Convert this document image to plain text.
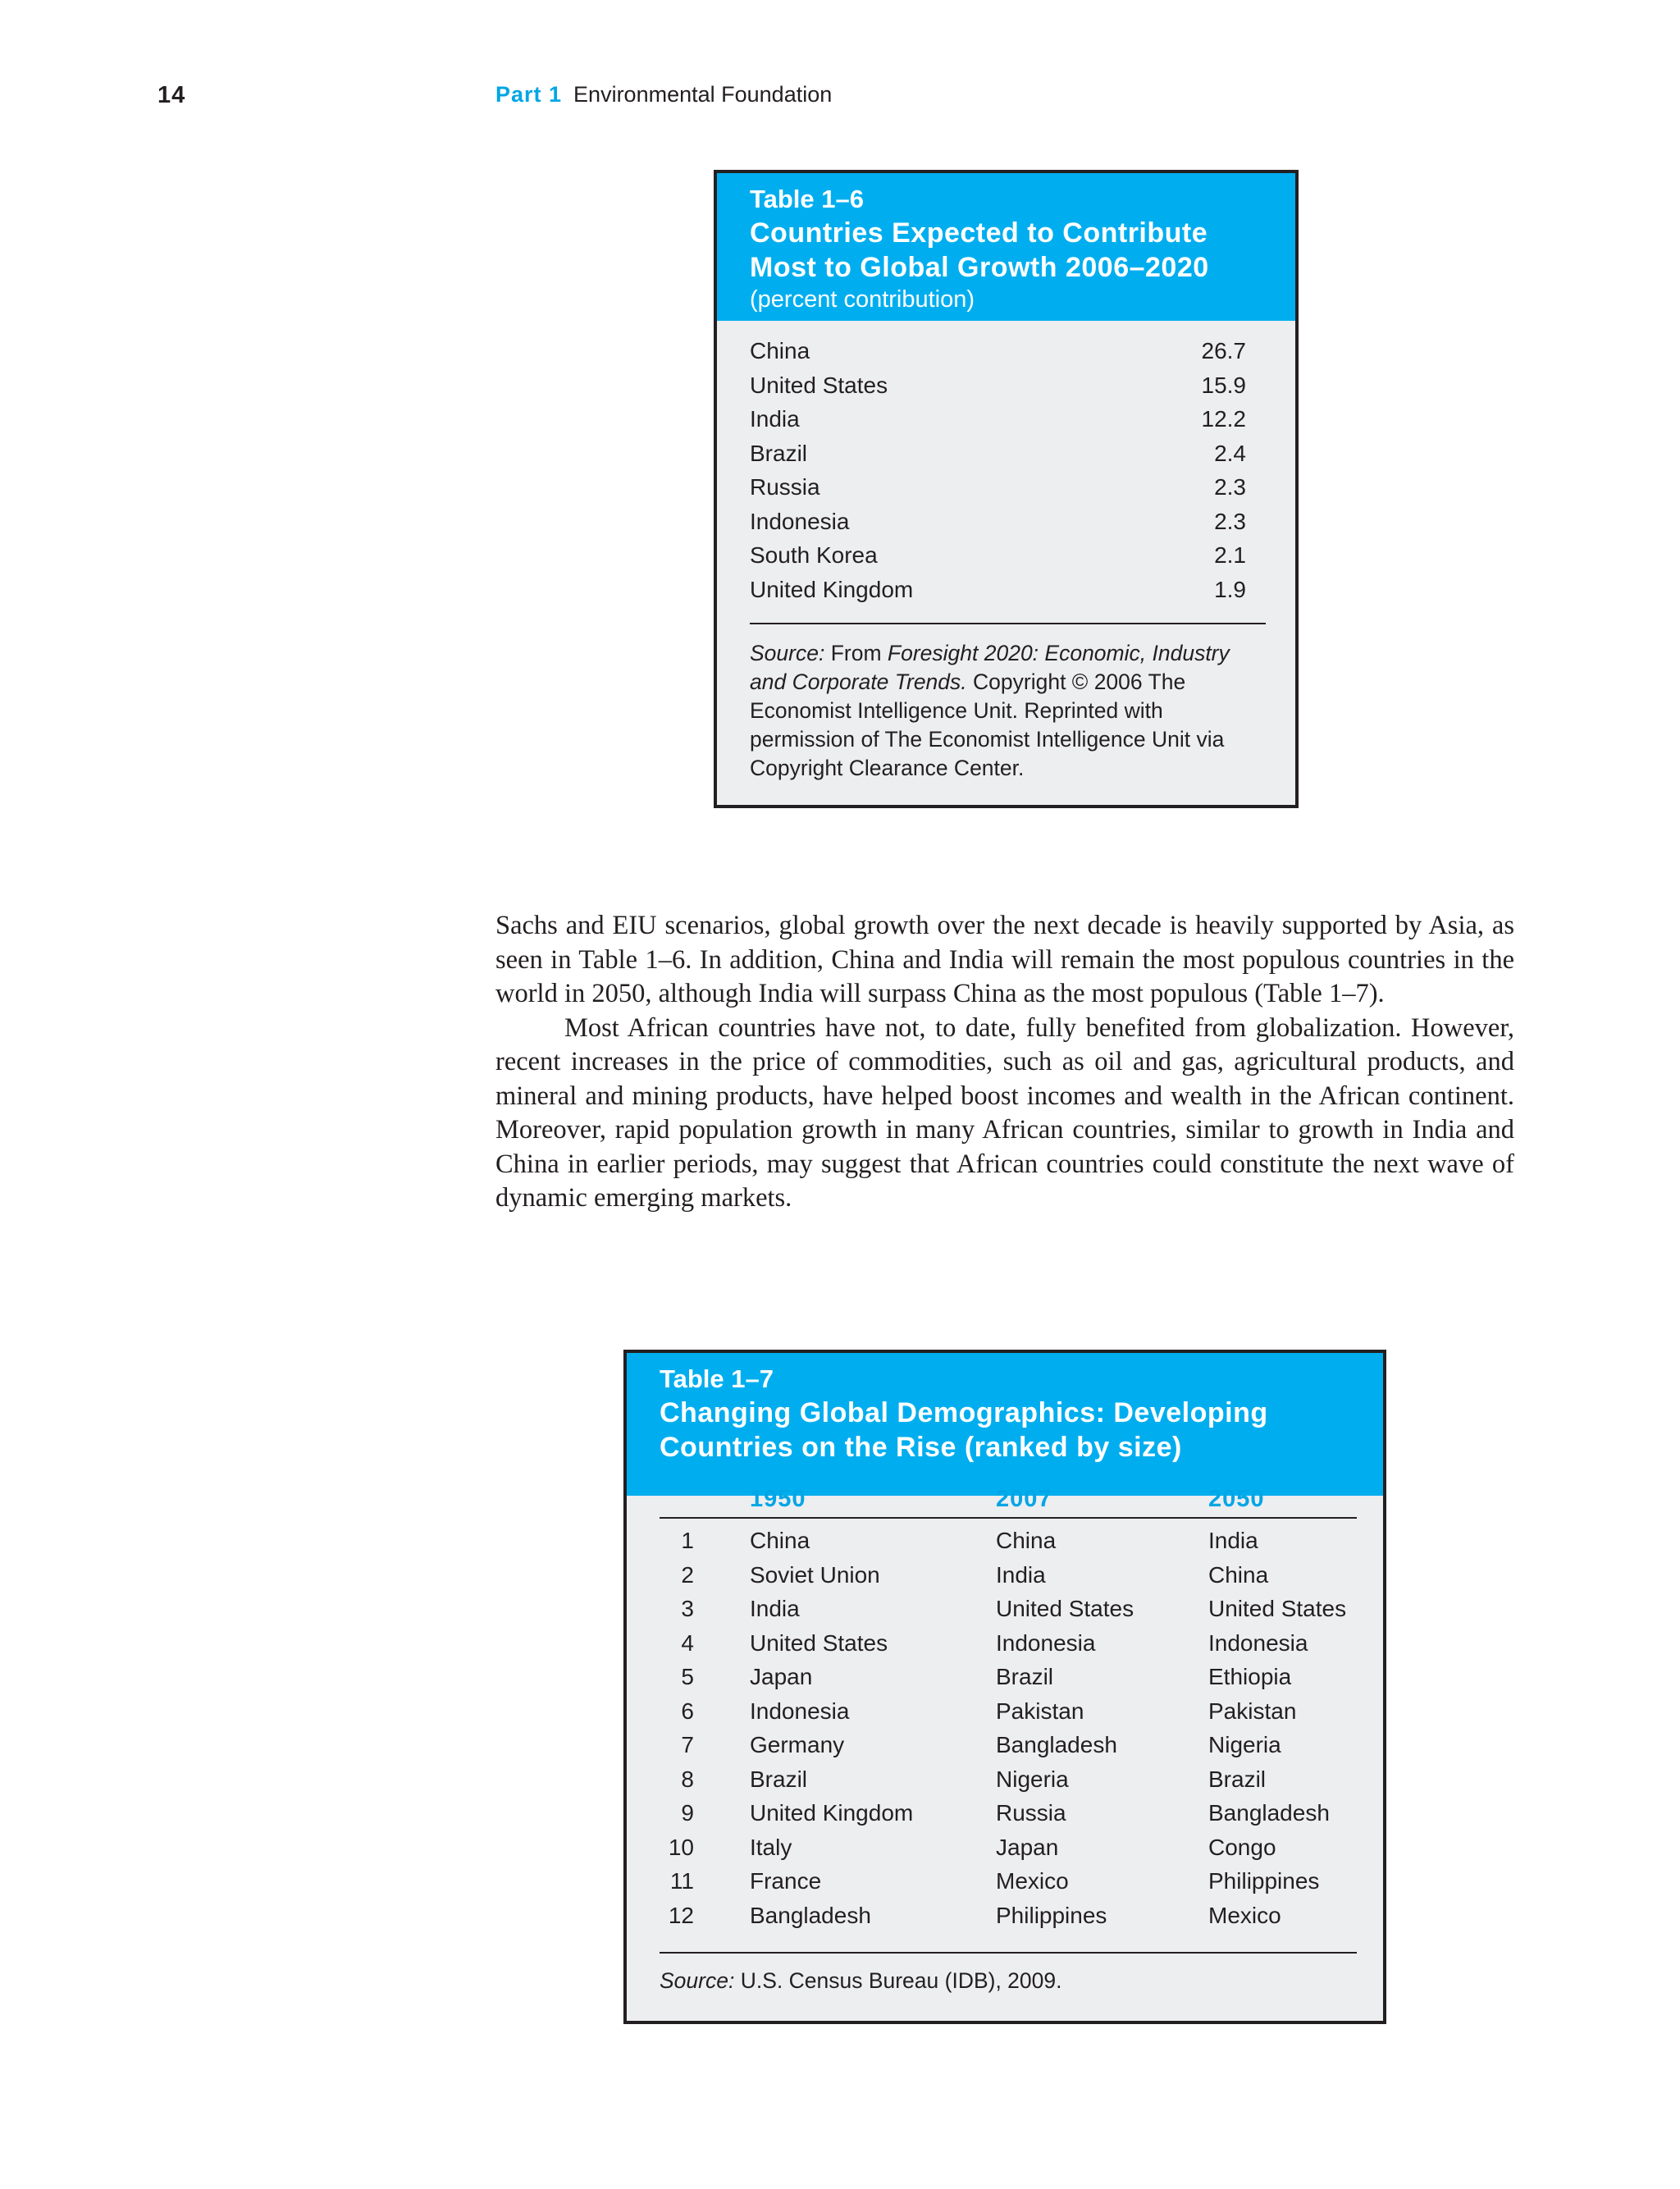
14	Part 1 Environmental Foundation
Table 1–6
Countries Expected to Contribute
Most to Global Growth 2006–2020
(percent contribution)
China	26.7
United States	15.9
India	12.2
Brazil	2.4
Russia	2.3
Indonesia	2.3
South Korea	2.1
United Kingdom	1.9
Source: From Foresight 2020: Economic, Industry and Corporate Trends. Copyright © 2006 The Economist Intelligence Unit. Reprinted with permission of The Economist Intelligence Unit via Copyright Clearance Center.

Sachs and EIU scenarios, global growth over the next decade is heavily supported by Asia, as seen in Table 1–6. In addition, China and India will remain the most populous countries in the world in 2050, although India will surpass China as the most populous (Table 1–7).

Most African countries have not, to date, fully benefited from globalization. However, recent increases in the price of commodities, such as oil and gas, agricultural products, and mineral and mining products, have helped boost incomes and wealth in the African continent. Moreover, rapid population growth in many African countries, similar to growth in India and China in earlier periods, may suggest that African countries could constitute the next wave of dynamic emerging markets.

Table 1–7
Changing Global Demographics: Developing
Countries on the Rise (ranked by size)
1950	2007	2050
1 China	China	India
2 Soviet Union	India	China
3 India	United States	United States
4 United States	Indonesia	Indonesia
5 Japan	Brazil	Ethiopia
6 Indonesia	Pakistan	Pakistan
7 Germany	Bangladesh	Nigeria
8 Brazil	Nigeria	Brazil
9 United Kingdom	Russia	Bangladesh
10 Italy	Japan	Congo
11 France	Mexico	Philippines
12 Bangladesh	Philippines	Mexico
Source: U.S. Census Bureau (IDB), 2009.
